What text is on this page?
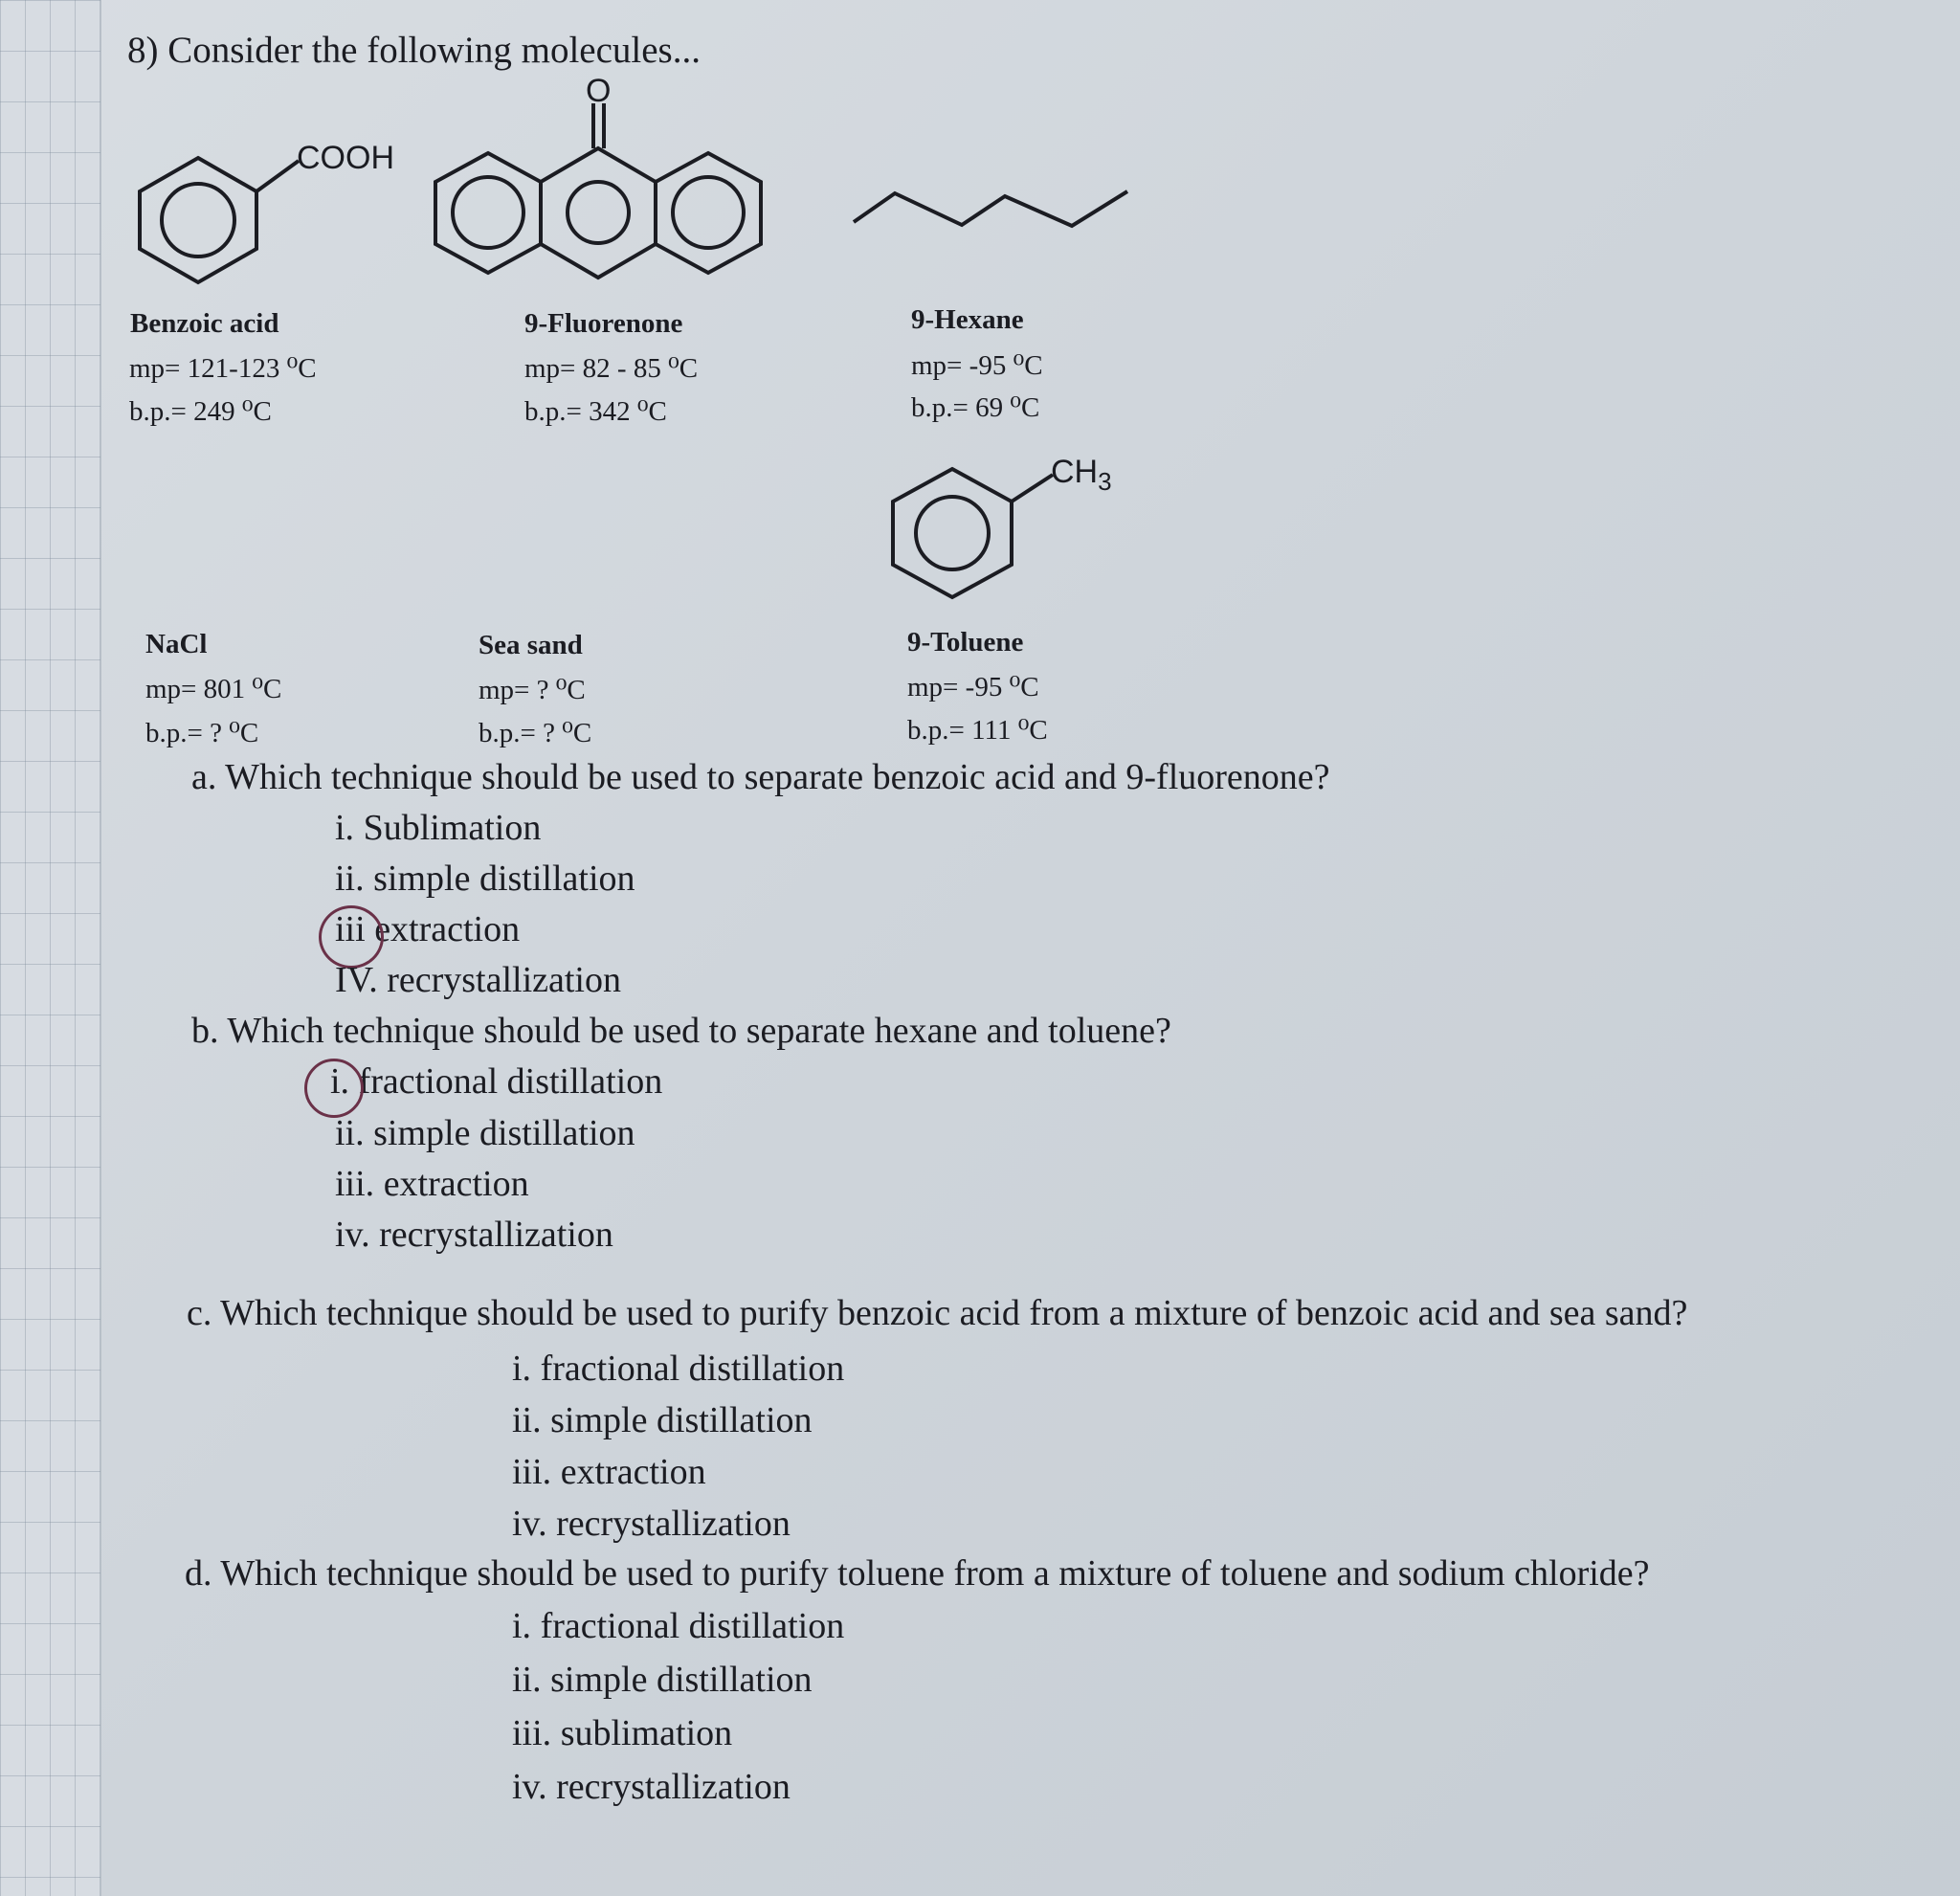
8) Consider the following molecules...
COOH
O
$CH_3$
Benzoic acid
mp= 121-123 ⁰C
b.p.= 249 ⁰C
9-Fluorenone
mp= 82 - 85 ⁰C
b.p.= 342 ⁰C
9-Hexane
mp= -95 ⁰C
b.p.= 69 ⁰C
NaCl
mp= 801 ⁰C
b.p.= ? ⁰C
Sea sand
mp= ? ⁰C
b.p.= ? ⁰C
9-Toluene
mp= -95 ⁰C
b.p.= 111 ⁰C
a. Which technique should be used to separate benzoic acid and 9-fluorenone?
i. Sublimation
ii. simple distillation
iii extraction
IV. recrystallization
b. Which technique should be used to separate hexane and toluene?
i. fractional distillation
ii. simple distillation
iii. extraction
iv. recrystallization
c. Which technique should be used to purify benzoic acid from a mixture of benzoic acid and sea sand?
i. fractional distillation
ii. simple distillation
iii. extraction
iv. recrystallization
d. Which technique should be used to purify toluene from a mixture of toluene and sodium chloride?
i. fractional distillation
ii. simple distillation
iii. sublimation
iv. recrystallization
